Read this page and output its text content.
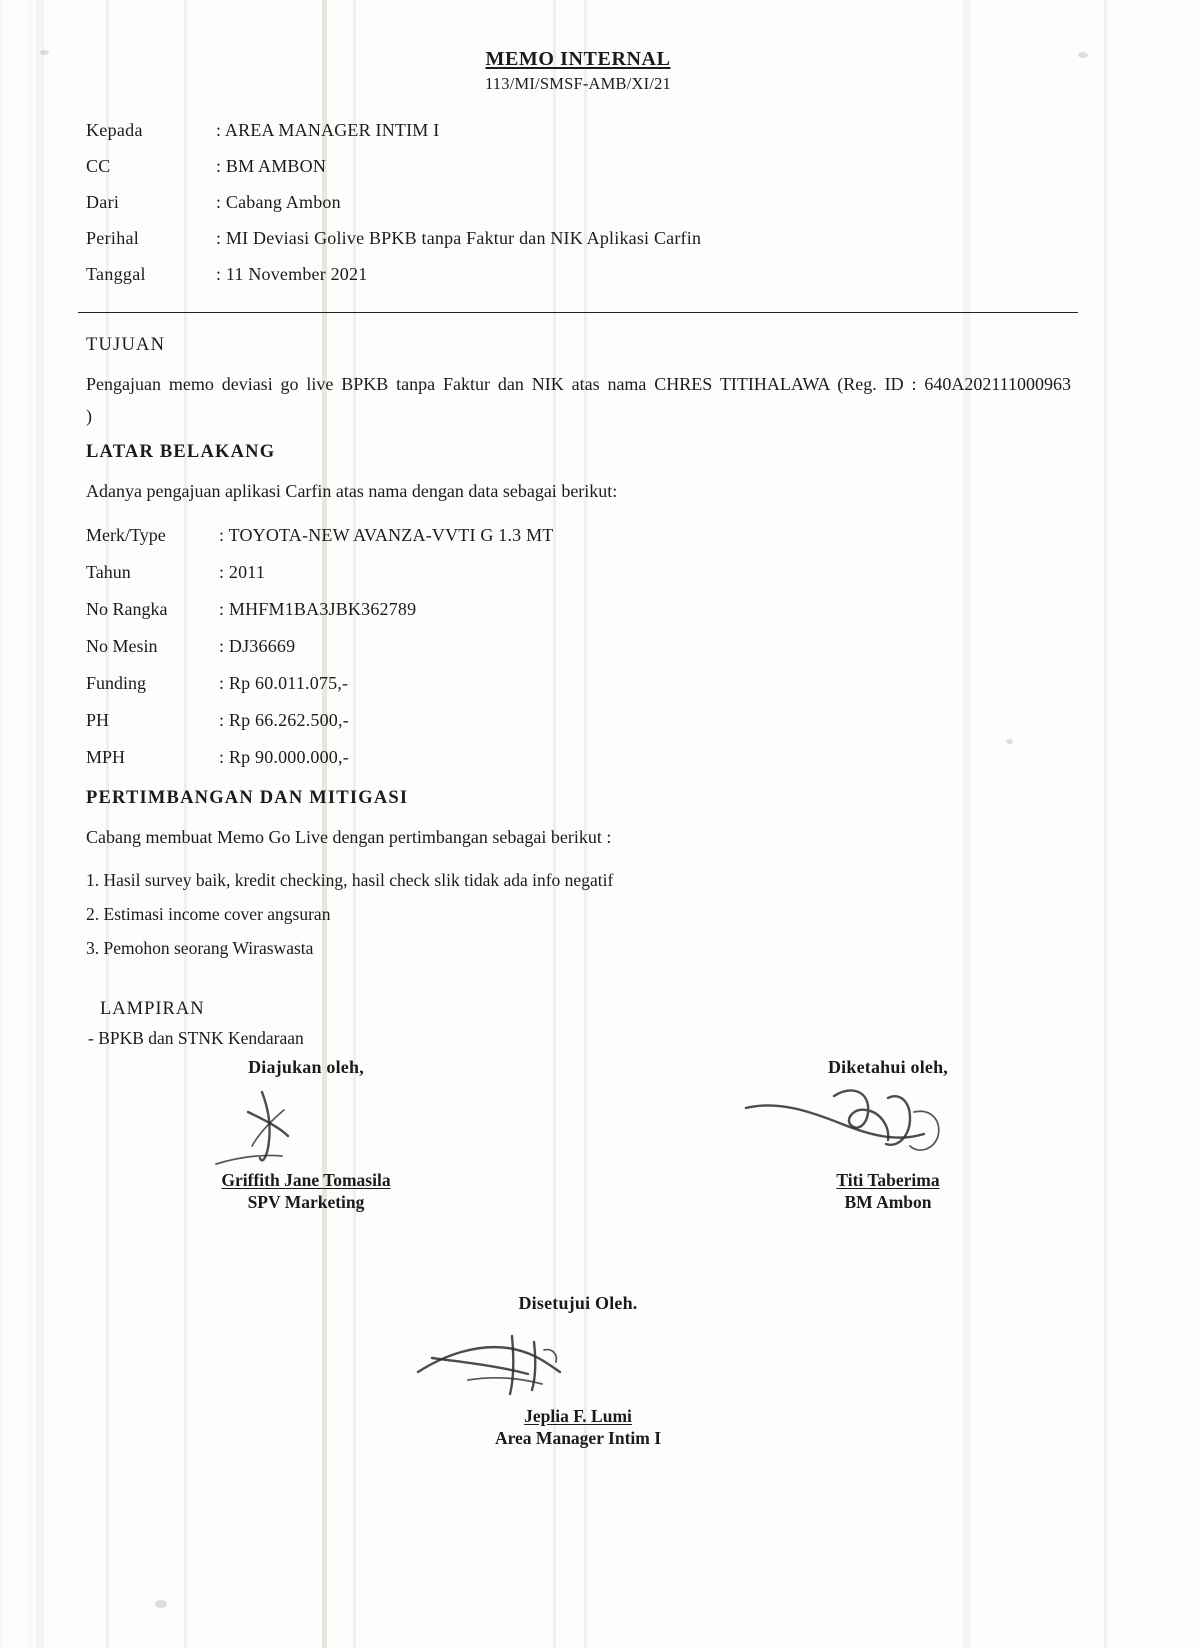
MEMO INTERNAL
113/MI/SMSF-AMB/XI/21
Kepada	: AREA MANAGER INTIM I
CC	: BM AMBON
Dari	: Cabang Ambon
Perihal	: MI Deviasi Golive BPKB tanpa Faktur dan NIK Aplikasi Carfin
Tanggal	: 11 November 2021
TUJUAN

Pengajuan memo deviasi go live BPKB tanpa Faktur dan NIK atas nama CHRES TITIHALAWA (Reg. ID : 640A202111000963 )

LATAR BELAKANG

Adanya pengajuan aplikasi Carfin atas nama dengan data sebagai berikut:

Merk/Type	: TOYOTA-NEW AVANZA-VVTI G 1.3 MT
Tahun	: 2011
No Rangka	: MHFM1BA3JBK362789
No Mesin	: DJ36669
Funding	: Rp 60.011.075,-
PH	: Rp 66.262.500,-
MPH	: Rp 90.000.000,-
PERTIMBANGAN DAN MITIGASI

Cabang membuat Memo Go Live dengan pertimbangan sebagai berikut :

1. Hasil survey baik, kredit checking, hasil check slik tidak ada info negatif
2. Estimasi income cover angsuran
3. Pemohon seorang Wiraswasta
LAMPIRAN
- BPKB dan STNK Kendaraan
Diajukan oleh,
Griffith Jane Tomasila
SPV Marketing
Diketahui oleh,
Titi Taberima
BM Ambon
Disetujui Oleh.
Jeplia F. Lumi
Area Manager Intim I
